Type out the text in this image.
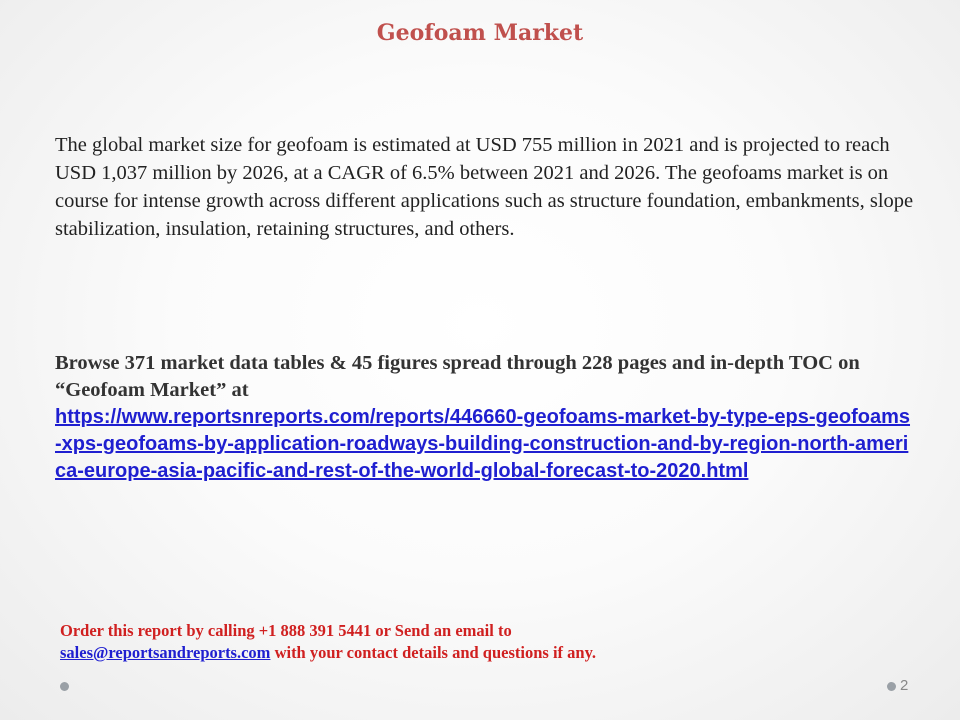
Geofoam Market
The global market size for geofoam is estimated at USD 755 million in 2021 and is projected to reach USD 1,037 million by 2026, at a CAGR of 6.5% between 2021 and 2026. The geofoams market is on course for intense growth across different applications such as structure foundation, embankments, slope stabilization, insulation, retaining structures, and others.
Browse 371 market data tables & 45 figures spread through 228 pages and in-depth TOC on “Geofoam Market” at
https://www.reportsnreports.com/reports/446660-geofoams-market-by-type-eps-geofoams-xps-geofoams-by-application-roadways-building-construction-and-by-region-north-america-europe-asia-pacific-and-rest-of-the-world-global-forecast-to-2020.html
Order this report by calling +1 888 391 5441 or Send an email to
sales@reportsandreports.com with your contact details and questions if any.
2
